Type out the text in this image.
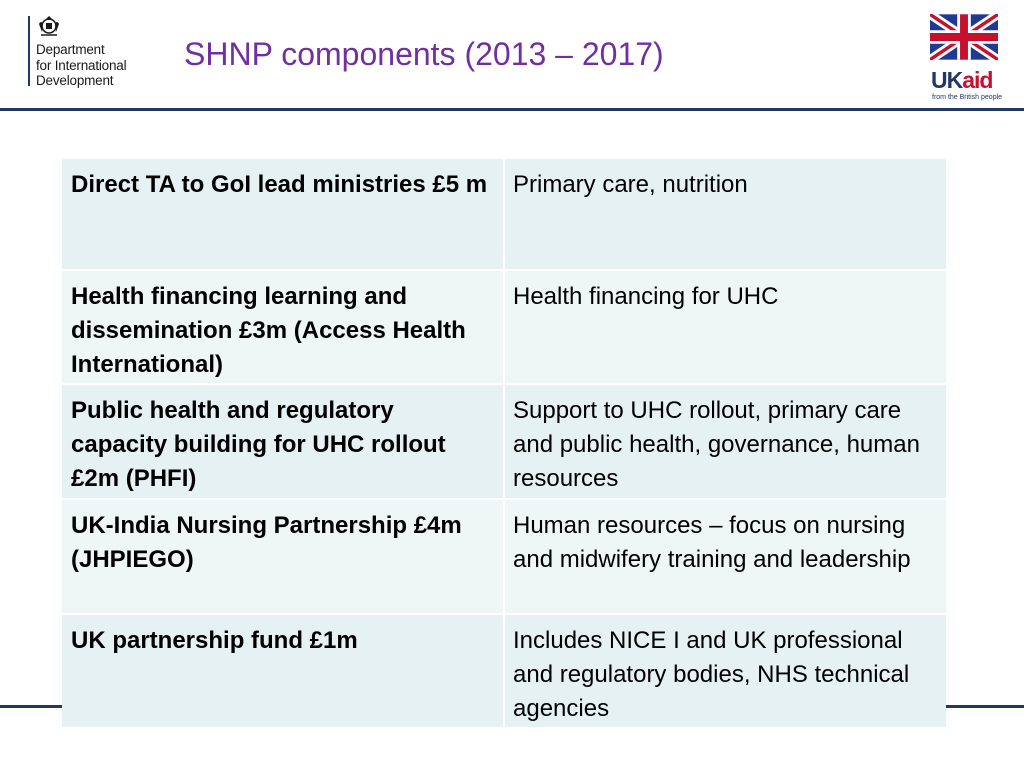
Department
for International
Development
SHNP components (2013 – 2017)
UKaid
from the British people
Direct TA to GoI lead ministries £5 m	Primary care, nutrition
Health financing learning and dissemination £3m (Access Health International)
Health financing for UHC
Public health and regulatory capacity building for UHC rollout £2m (PHFI)
Support to UHC rollout, primary care and public health, governance, human resources
UK-India Nursing Partnership £4m (JHPIEGO)
Human resources – focus on nursing and midwifery training and leadership
UK partnership fund £1m	Includes NICE I and UK professional and regulatory bodies, NHS technical agencies
